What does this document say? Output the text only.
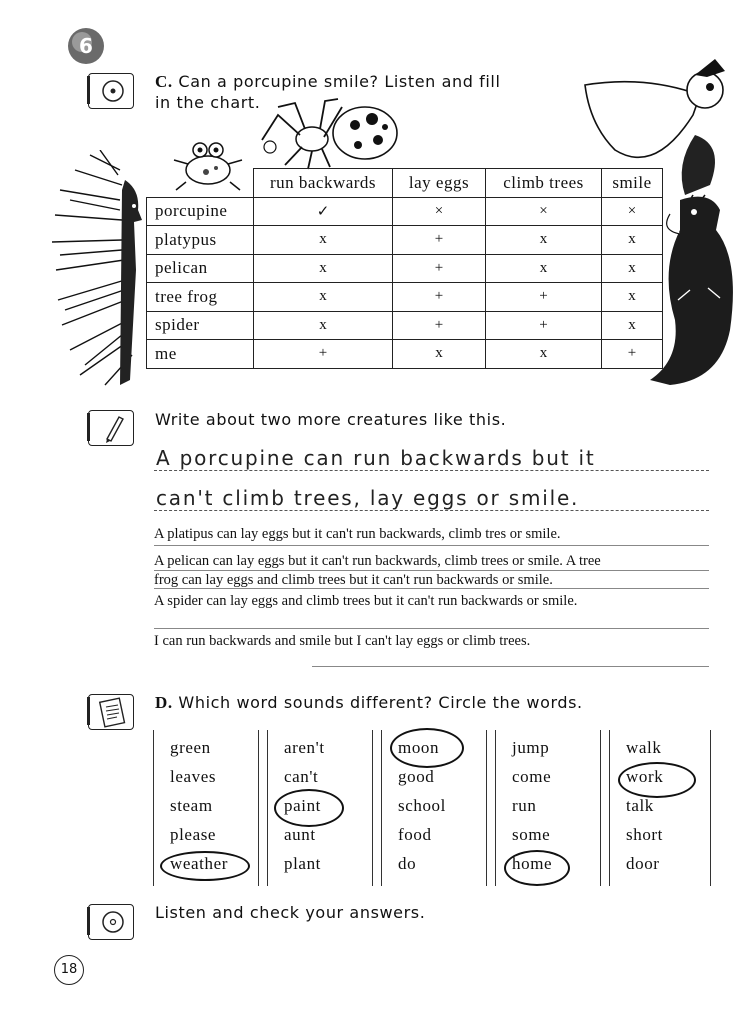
6
C. Can a porcupine smile? Listen and fill
in the chart.
	run backwards	lay eggs	climb trees	smile
porcupine	✓	×	×	×
platypus	x	+	x	x
pelican	x	+	x	x
tree frog	x	+	+	x
spider	x	+	+	x
me	+	x	x	+
Write about two more creatures like this.
A porcupine can run backwards but it
can't climb trees, lay eggs or smile.
A platipus can lay eggs but it can't run backwards, climb tres or smile.
A pelican can lay eggs but it can't run backwards, climb trees or smile. A tree
frog can lay eggs and climb trees but it can't run backwards or smile.
A spider can lay eggs and climb trees but it can't run backwards or smile.
I can run backwards and smile but I can't lay eggs or climb trees.
D. Which word sounds different? Circle the words.
green
leaves
steam
please
weather
aren't
can't
paint
aunt
plant
moon
good
school
food
do
jump
come
run
some
home
walk
work
talk
short
door
Listen and check your answers.
18
